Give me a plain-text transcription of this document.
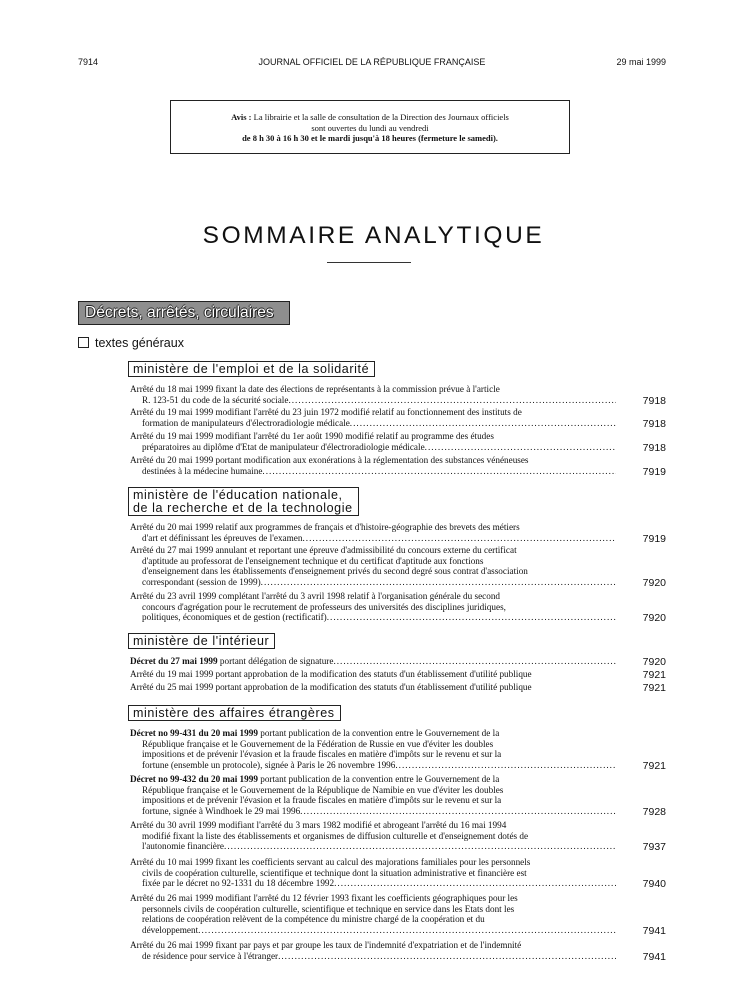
7914	JOURNAL OFFICIEL DE LA RÉPUBLIQUE FRANÇAISE	29 mai 1999
Avis : La librairie et la salle de consultation de la Direction des Journaux officiels
sont ouvertes du lundi au vendredi
de 8 h 30 à 16 h 30 et le mardi jusqu'à 18 heures (fermeture le samedi).
SOMMAIRE ANALYTIQUE
Décrets, arrêtés, circulaires
textes généraux
ministère de l'emploi et de la solidarité
Arrêté du 18 mai 1999 fixant la date des élections de représentants à la commission prévue à l'article
R. 123-51 du code de la sécurité sociale .....	7918
Arrêté du 19 mai 1999 modifiant l'arrêté du 23 juin 1972 modifié relatif au fonctionnement des instituts de
formation de manipulateurs d'électroradiologie médicale .....	7918
Arrêté du 19 mai 1999 modifiant l'arrêté du 1er août 1990 modifié relatif au programme des études
préparatoires au diplôme d'Etat de manipulateur d'électroradiologie médicale .....	7918
Arrêté du 20 mai 1999 portant modification aux exonérations à la réglementation des substances vénéneuses
destinées à la médecine humaine .....	7919
ministère de l'éducation nationale,
de la recherche et de la technologie
Arrêté du 20 mai 1999 relatif aux programmes de français et d'histoire-géographie des brevets des métiers
d'art et définissant les épreuves de l'examen .....	7919
Arrêté du 27 mai 1999 annulant et reportant une épreuve d'admissibilité du concours externe du certificat
d'aptitude au professorat de l'enseignement technique et du certificat d'aptitude aux fonctions
d'enseignement dans les établissements d'enseignement privés du second degré sous contrat d'association
correspondant (session de 1999) .....	7920
Arrêté du 23 avril 1999 complétant l'arrêté du 3 avril 1998 relatif à l'organisation générale du second
concours d'agrégation pour le recrutement de professeurs des universités des disciplines juridiques,
politiques, économiques et de gestion (rectificatif) .....	7920
ministère de l'intérieur
Décret du 27 mai 1999 portant délégation de signature .....	7920
Arrêté du 19 mai 1999 portant approbation de la modification des statuts d'un établissement d'utilité publique	7921
Arrêté du 25 mai 1999 portant approbation de la modification des statuts d'un établissement d'utilité publique	7921
ministère des affaires étrangères
Décret no 99-431 du 20 mai 1999 portant publication de la convention entre le Gouvernement de la
République française et le Gouvernement de la Fédération de Russie en vue d'éviter les doubles
impositions et de prévenir l'évasion et la fraude fiscales en matière d'impôts sur le revenu et sur la
fortune (ensemble un protocole), signée à Paris le 26 novembre 1996 .....	7921
Décret no 99-432 du 20 mai 1999 portant publication de la convention entre le Gouvernement de la
République française et le Gouvernement de la République de Namibie en vue d'éviter les doubles
impositions et de prévenir l'évasion et la fraude fiscales en matière d'impôts sur le revenu et sur la
fortune, signée à Windhoek le 29 mai 1996 .....	7928
Arrêté du 30 avril 1999 modifiant l'arrêté du 3 mars 1982 modifié et abrogeant l'arrêté du 16 mai 1994
modifié fixant la liste des établissements et organismes de diffusion culturelle et d'enseignement dotés de
l'autonomie financière .....	7937
Arrêté du 10 mai 1999 fixant les coefficients servant au calcul des majorations familiales pour les personnels
civils de coopération culturelle, scientifique et technique dont la situation administrative et financière est
fixée par le décret no 92-1331 du 18 décembre 1992 .....	7940
Arrêté du 26 mai 1999 modifiant l'arrêté du 12 février 1993 fixant les coefficients géographiques pour les
personnels civils de coopération culturelle, scientifique et technique en service dans les Etats dont les
relations de coopération relèvent de la compétence du ministre chargé de la coopération et du
développement .....	7941
Arrêté du 26 mai 1999 fixant par pays et par groupe les taux de l'indemnité d'expatriation et de l'indemnité
de résidence pour service à l'étranger .....	7941
